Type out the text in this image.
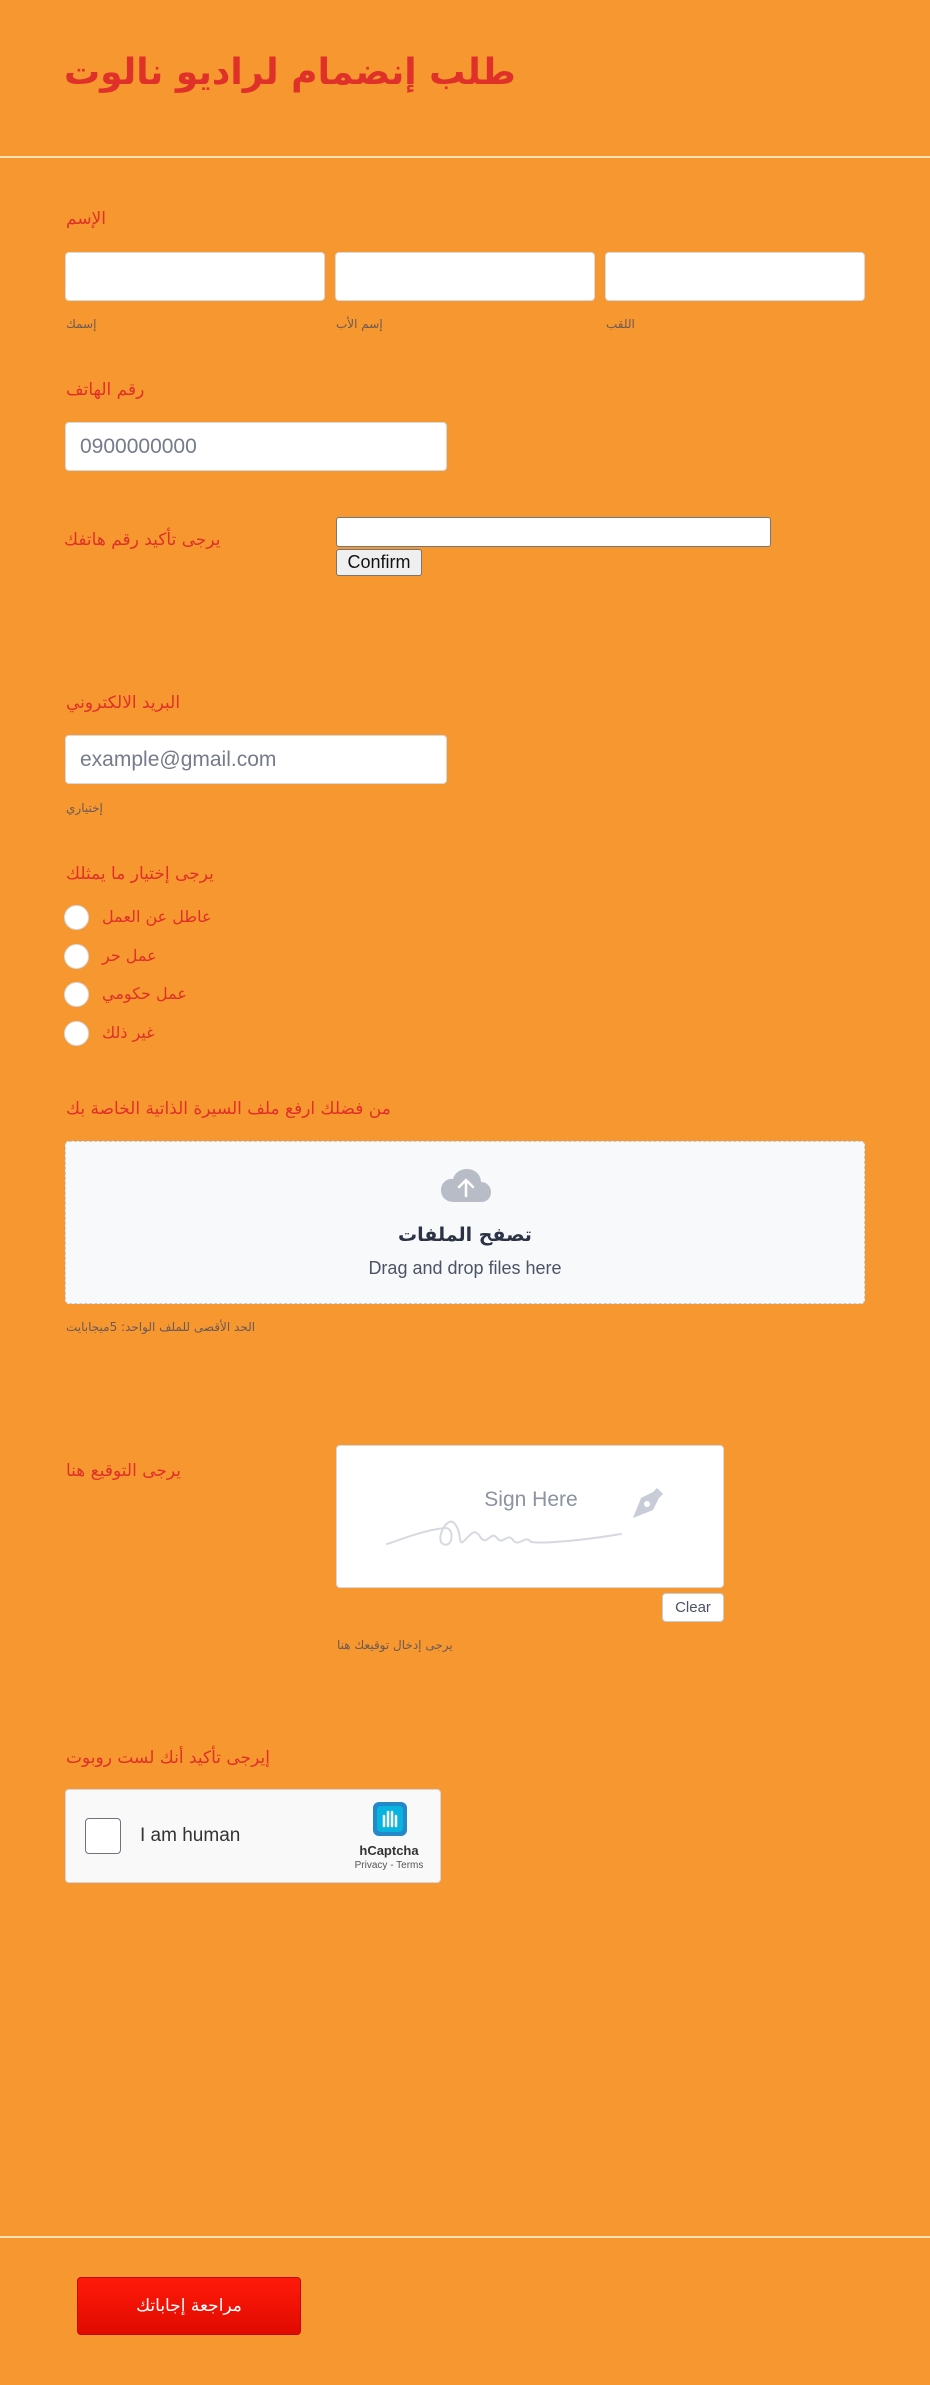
طلب إنضمام لراديو نالوت
الإسم
إسمك	إسم الأب	اللقب
رقم الهاتف
0900000000
يرجى تأكيد رقم هاتفك
Confirm
البريد الالكتروني
example@gmail.com
إختياري
يرجى إختيار ما يمثلك
عاطل عن العمل
عمل حر
عمل حكومي
غير ذلك
من فضلك ارفع ملف السيرة الذاتية الخاصة بك
تصفح الملفات
Drag and drop files here
الحد الأقصى للملف الواحد: 5ميجابايت
يرجى التوقيع هنا
Sign Here
Clear
يرجى إدخال توقيعك هنا
إيرجى تأكيد أنك لست روبوت
I am human
hCaptcha
Privacy - Terms
مراجعة إجاباتك
